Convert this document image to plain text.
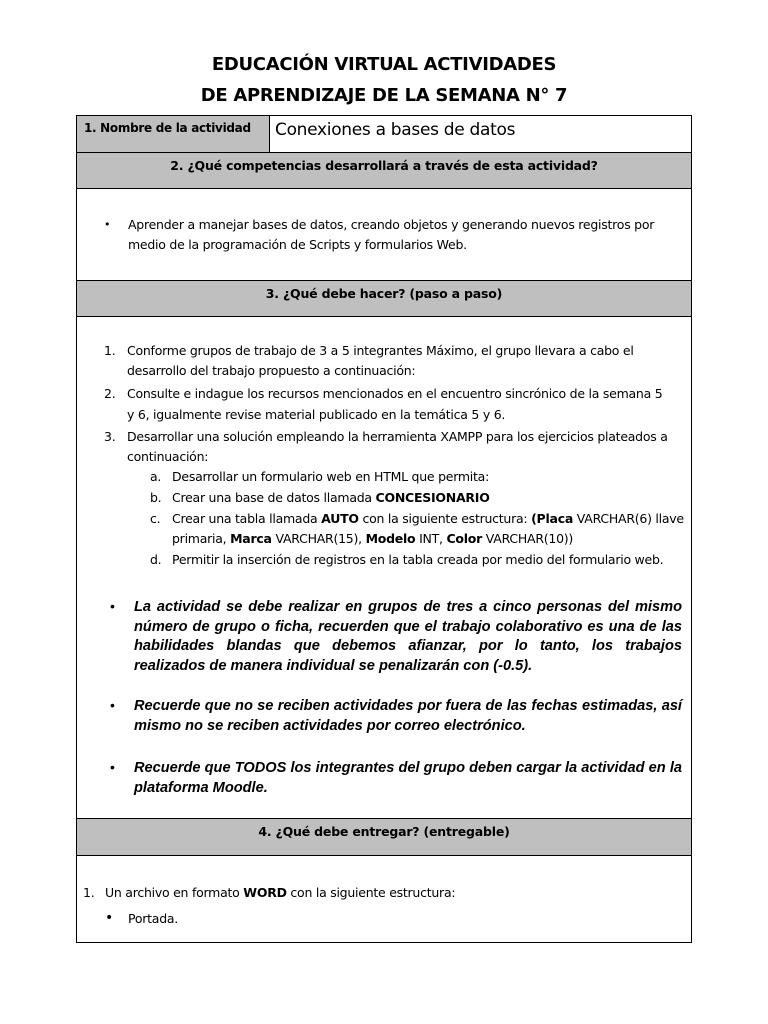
EDUCACIÓN VIRTUAL ACTIVIDADES
DE APRENDIZAJE DE LA SEMANA N° 7
1. Nombre de la actividad	Conexiones a bases de datos
2. ¿Qué competencias desarrollará a través de esta actividad?
• Aprender a manejar bases de datos, creando objetos y generando nuevos registros por
medio de la programación de Scripts y formularios Web.
3. ¿Qué debe hacer? (paso a paso)
1. Conforme grupos de trabajo de 3 a 5 integrantes Máximo, el grupo llevara a cabo el
desarrollo del trabajo propuesto a continuación:
2. Consulte e indague los recursos mencionados en el encuentro sincrónico de la semana 5
y 6, igualmente revise material publicado en la temática 5 y 6.
3. Desarrollar una solución empleando la herramienta XAMPP para los ejercicios plateados a
continuación:
a. Desarrollar un formulario web en HTML que permita:
b. Crear una base de datos llamada CONCESIONARIO
c. Crear una tabla llamada AUTO con la siguiente estructura: (Placa VARCHAR(6) llave
primaria, Marca VARCHAR(15), Modelo INT, Color VARCHAR(10))
d. Permitir la inserción de registros en la tabla creada por medio del formulario web.
• La actividad se debe realizar en grupos de tres a cinco personas del mismo número de grupo o ficha, recuerden que el trabajo colaborativo es una de las habilidades blandas que debemos afianzar, por lo tanto, los trabajos realizados de manera individual se penalizarán con (-0.5).
• Recuerde que no se reciben actividades por fuera de las fechas estimadas, así mismo no se reciben actividades por correo electrónico.
• Recuerde que TODOS los integrantes del grupo deben cargar la actividad en la plataforma Moodle.
4. ¿Qué debe entregar? (entregable)
1. Un archivo en formato WORD con la siguiente estructura:
• Portada.
